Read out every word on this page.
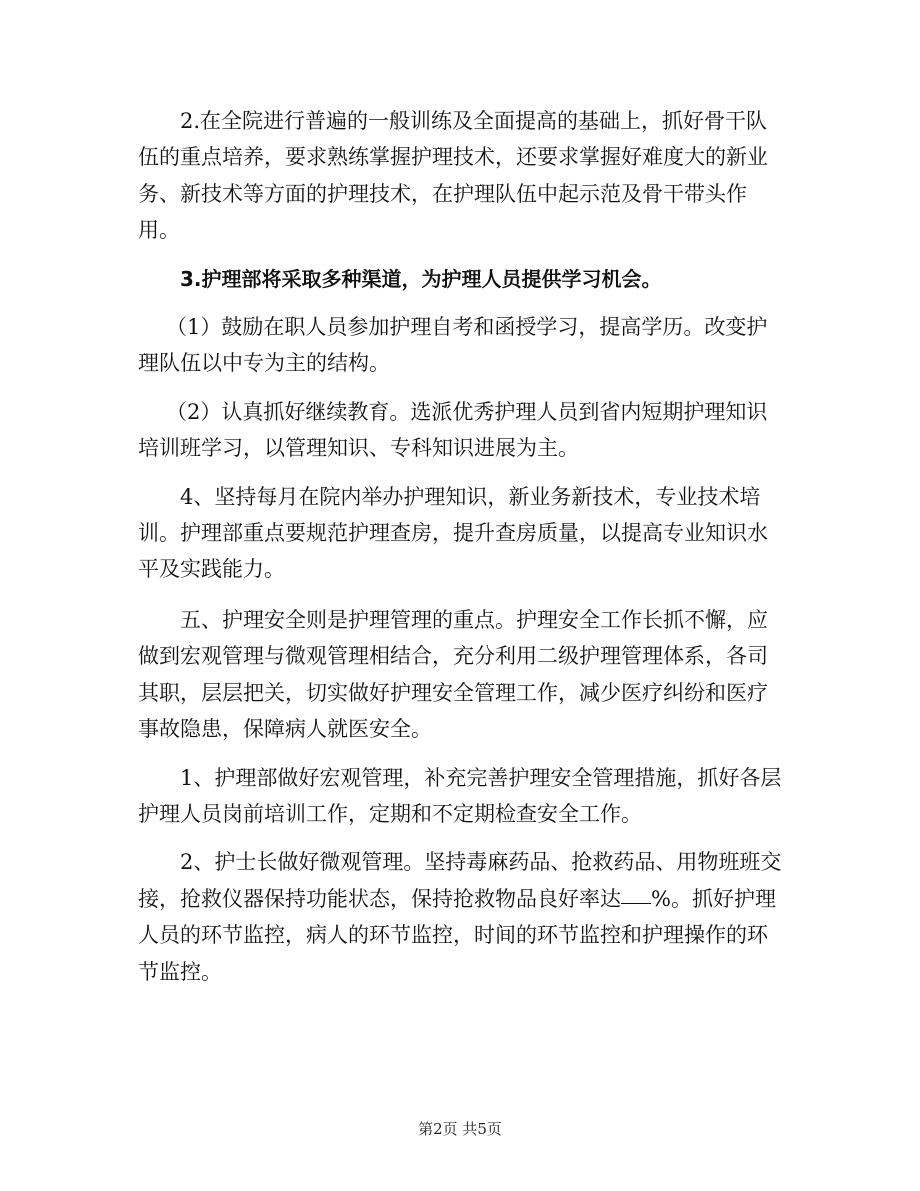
2.在全院进行普遍的一般训练及全面提高的基础上，抓好骨干队伍的重点培养，要求熟练掌握护理技术，还要求掌握好难度大的新业务、新技术等方面的护理技术，在护理队伍中起示范及骨干带头作用。

3.护理部将采取多种渠道，为护理人员提供学习机会。

（1）鼓励在职人员参加护理自考和函授学习，提高学历。改变护理队伍以中专为主的结构。

（2）认真抓好继续教育。选派优秀护理人员到省内短期护理知识培训班学习，以管理知识、专科知识进展为主。

4、坚持每月在院内举办护理知识，新业务新技术，专业技术培训。护理部重点要规范护理查房，提升查房质量，以提高专业知识水平及实践能力。

五、护理安全则是护理管理的重点。护理安全工作长抓不懈，应做到宏观管理与微观管理相结合，充分利用二级护理管理体系，各司其职，层层把关，切实做好护理安全管理工作，减少医疗纠纷和医疗事故隐患，保障病人就医安全。

1、护理部做好宏观管理，补充完善护理安全管理措施，抓好各层护理人员岗前培训工作，定期和不定期检查安全工作。

2、护士长做好微观管理。坚持毒麻药品、抢救药品、用物班班交接，抢救仪器保持功能状态，保持抢救物品良好率达 %。抓好护理人员的环节监控，病人的环节监控，时间的环节监控和护理操作的环节监控。

第2页 共5页
